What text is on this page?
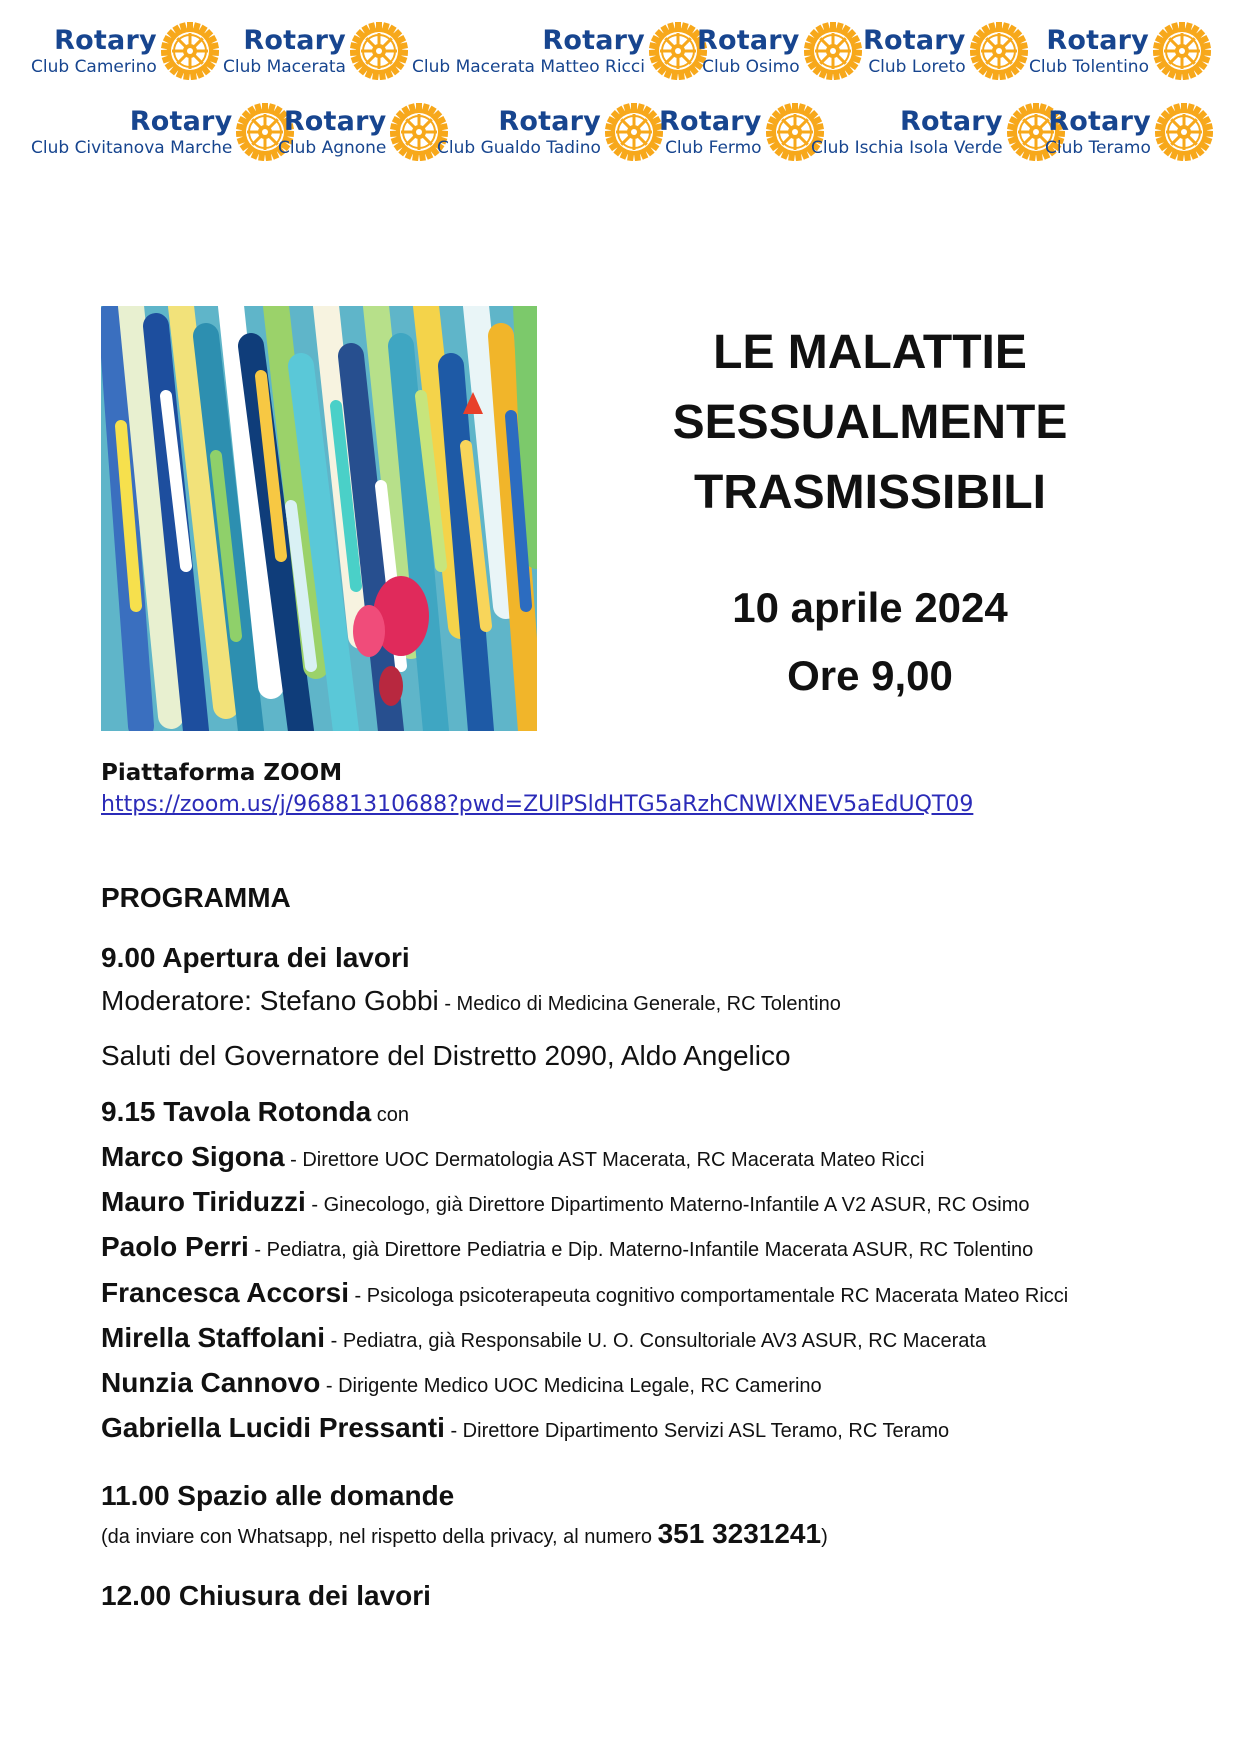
Rotary
Club Camerino
Rotary
Club Macerata
Rotary
Club Macerata Matteo Ricci
Rotary
Club Osimo
Rotary
Club Loreto
Rotary
Club Tolentino
Rotary
Club Civitanova Marche
Rotary
Club Agnone
Rotary
Club Gualdo Tadino
Rotary
Club Fermo
Rotary
Club Ischia Isola Verde
Rotary
Club Teramo
LE MALATTIE
SESSUALMENTE
TRASMISSIBILI
10 aprile 2024
Ore 9,00
Piattaforma ZOOM
https://zoom.us/j/96881310688?pwd=ZUlPSldHTG5aRzhCNWlXNEV5aEdUQT09
PROGRAMMA
9.00 Apertura dei lavori
Moderatore: Stefano Gobbi - Medico di Medicina Generale, RC Tolentino
Saluti del Governatore del Distretto 2090, Aldo Angelico
9.15 Tavola Rotonda con
Marco Sigona - Direttore UOC Dermatologia AST Macerata, RC Macerata Mateo Ricci
Mauro Tiriduzzi - Ginecologo, già Direttore Dipartimento Materno-Infantile A V2 ASUR, RC Osimo
Paolo Perri - Pediatra, già Direttore Pediatria e Dip. Materno-Infantile Macerata ASUR, RC Tolentino
Francesca Accorsi - Psicologa psicoterapeuta cognitivo comportamentale RC Macerata Mateo Ricci
Mirella Staffolani - Pediatra, già Responsabile U. O. Consultoriale AV3 ASUR, RC Macerata
Nunzia Cannovo - Dirigente Medico UOC Medicina Legale, RC Camerino
Gabriella Lucidi Pressanti - Direttore Dipartimento Servizi ASL Teramo, RC Teramo
11.00 Spazio alle domande
(da inviare con Whatsapp, nel rispetto della privacy, al numero 351 3231241)
12.00 Chiusura dei lavori
